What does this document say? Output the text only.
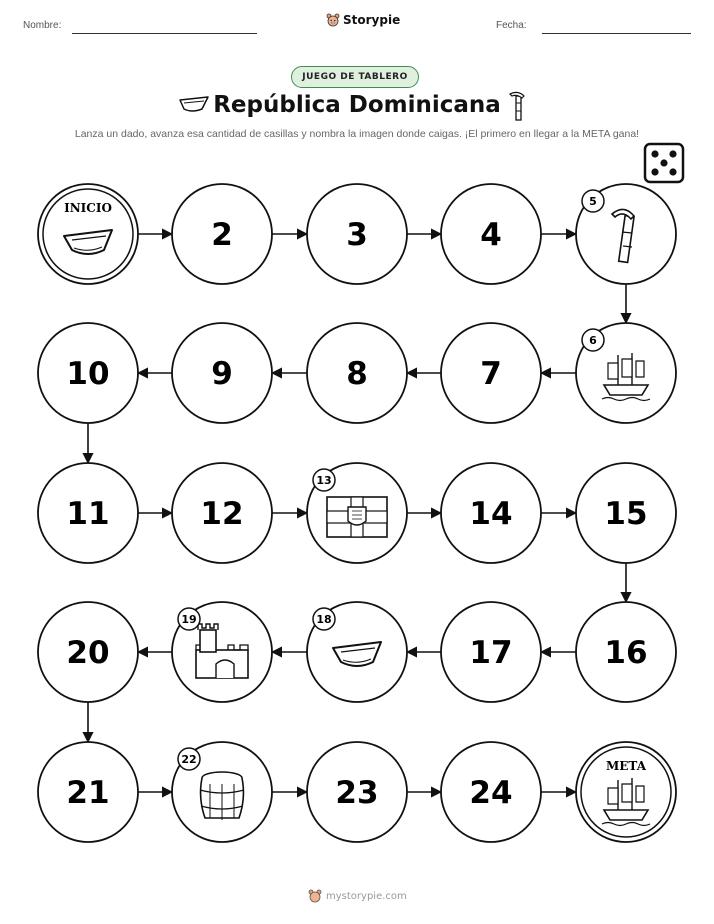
Nombre:	Storypie	Fecha:
JUEGO DE TABLERO
República Dominicana
Lanza un dado, avanza esa cantidad de casillas y nombra la imagen donde caigas. ¡El primero en llegar a la META gana!
INICIO
2	3	4
5
6
7
8
9
10
11	12
13
14	15
16
17
18
19
20
21
22
23	24
META
mystorypie.com
